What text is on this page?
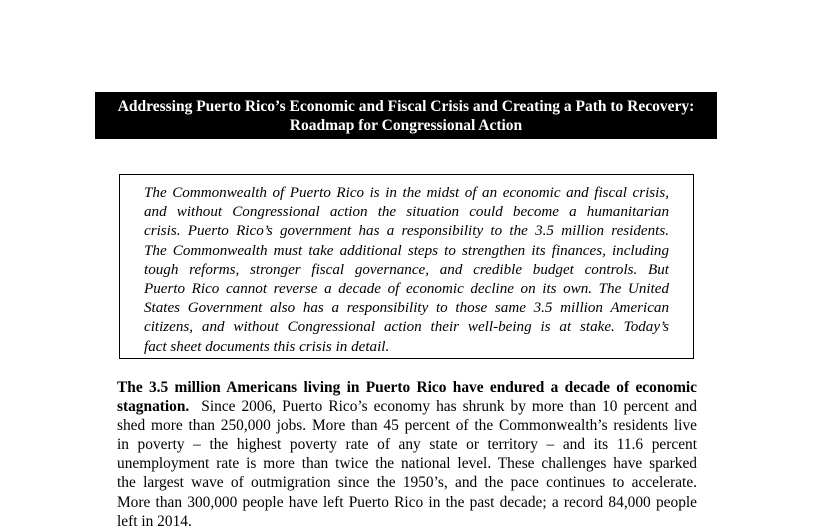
Addressing Puerto Rico’s Economic and Fiscal Crisis and Creating a Path to Recovery:
Roadmap for Congressional Action
The Commonwealth of Puerto Rico is in the midst of an economic and fiscal crisis,
and without Congressional action the situation could become a humanitarian
crisis. Puerto Rico’s government has a responsibility to the 3.5 million residents.
The Commonwealth must take additional steps to strengthen its finances, including
tough reforms, stronger fiscal governance, and credible budget controls. But
Puerto Rico cannot reverse a decade of economic decline on its own. The United
States Government also has a responsibility to those same 3.5 million American
citizens, and without Congressional action their well-being is at stake. Today’s
fact sheet documents this crisis in detail.
The 3.5 million Americans living in Puerto Rico have endured a decade of economic
stagnation.  Since 2006, Puerto Rico’s economy has shrunk by more than 10 percent and
shed more than 250,000 jobs. More than 45 percent of the Commonwealth’s residents live
in poverty – the highest poverty rate of any state or territory – and its 11.6 percent
unemployment rate is more than twice the national level. These challenges have sparked
the largest wave of outmigration since the 1950’s, and the pace continues to accelerate.
More than 300,000 people have left Puerto Rico in the past decade; a record 84,000 people
left in 2014.
